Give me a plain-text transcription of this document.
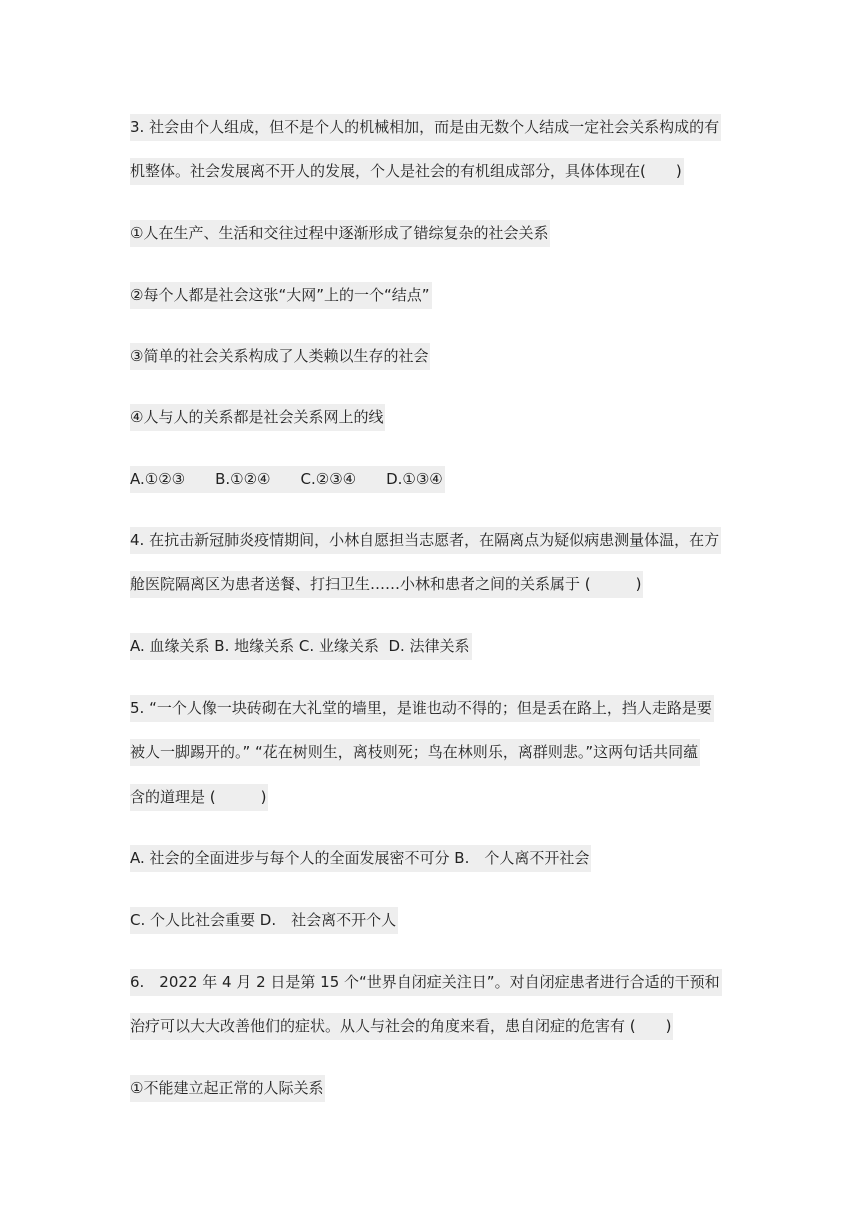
3. 社会由个人组成，但不是个人的机械相加，而是由无数个人结成一定社会关系构成的有
机整体。社会发展离不开人的发展，个人是社会的有机组成部分，具体体现在(　　)
①人在生产、生活和交往过程中逐渐形成了错综复杂的社会关系
②每个人都是社会这张“大网”上的一个“结点”
③简单的社会关系构成了人类赖以生存的社会
④人与人的关系都是社会关系网上的线
A.①②③　　B.①②④　　C.②③④　　D.①③④
4. 在抗击新冠肺炎疫情期间，小林自愿担当志愿者，在隔离点为疑似病患测量体温，在方
舱医院隔离区为患者送餐、打扫卫生……小林和患者之间的关系属于 (　　　)
A. 血缘关系 B. 地缘关系 C. 业缘关系  D. 法律关系
5. “一个人像一块砖砌在大礼堂的墙里，是谁也动不得的；但是丢在路上，挡人走路是要
被人一脚踢开的。” “花在树则生，离枝则死；鸟在林则乐，离群则悲。”这两句话共同蕴
含的道理是 (　　　)
A. 社会的全面进步与每个人的全面发展密不可分 B.　个人离不开社会
C. 个人比社会重要 D.　社会离不开个人
6.　2022 年 4 月 2 日是第 15 个“世界自闭症关注日”。对自闭症患者进行合适的干预和
治疗可以大大改善他们的症状。从人与社会的角度来看，患自闭症的危害有 (　　)
①不能建立起正常的人际关系
